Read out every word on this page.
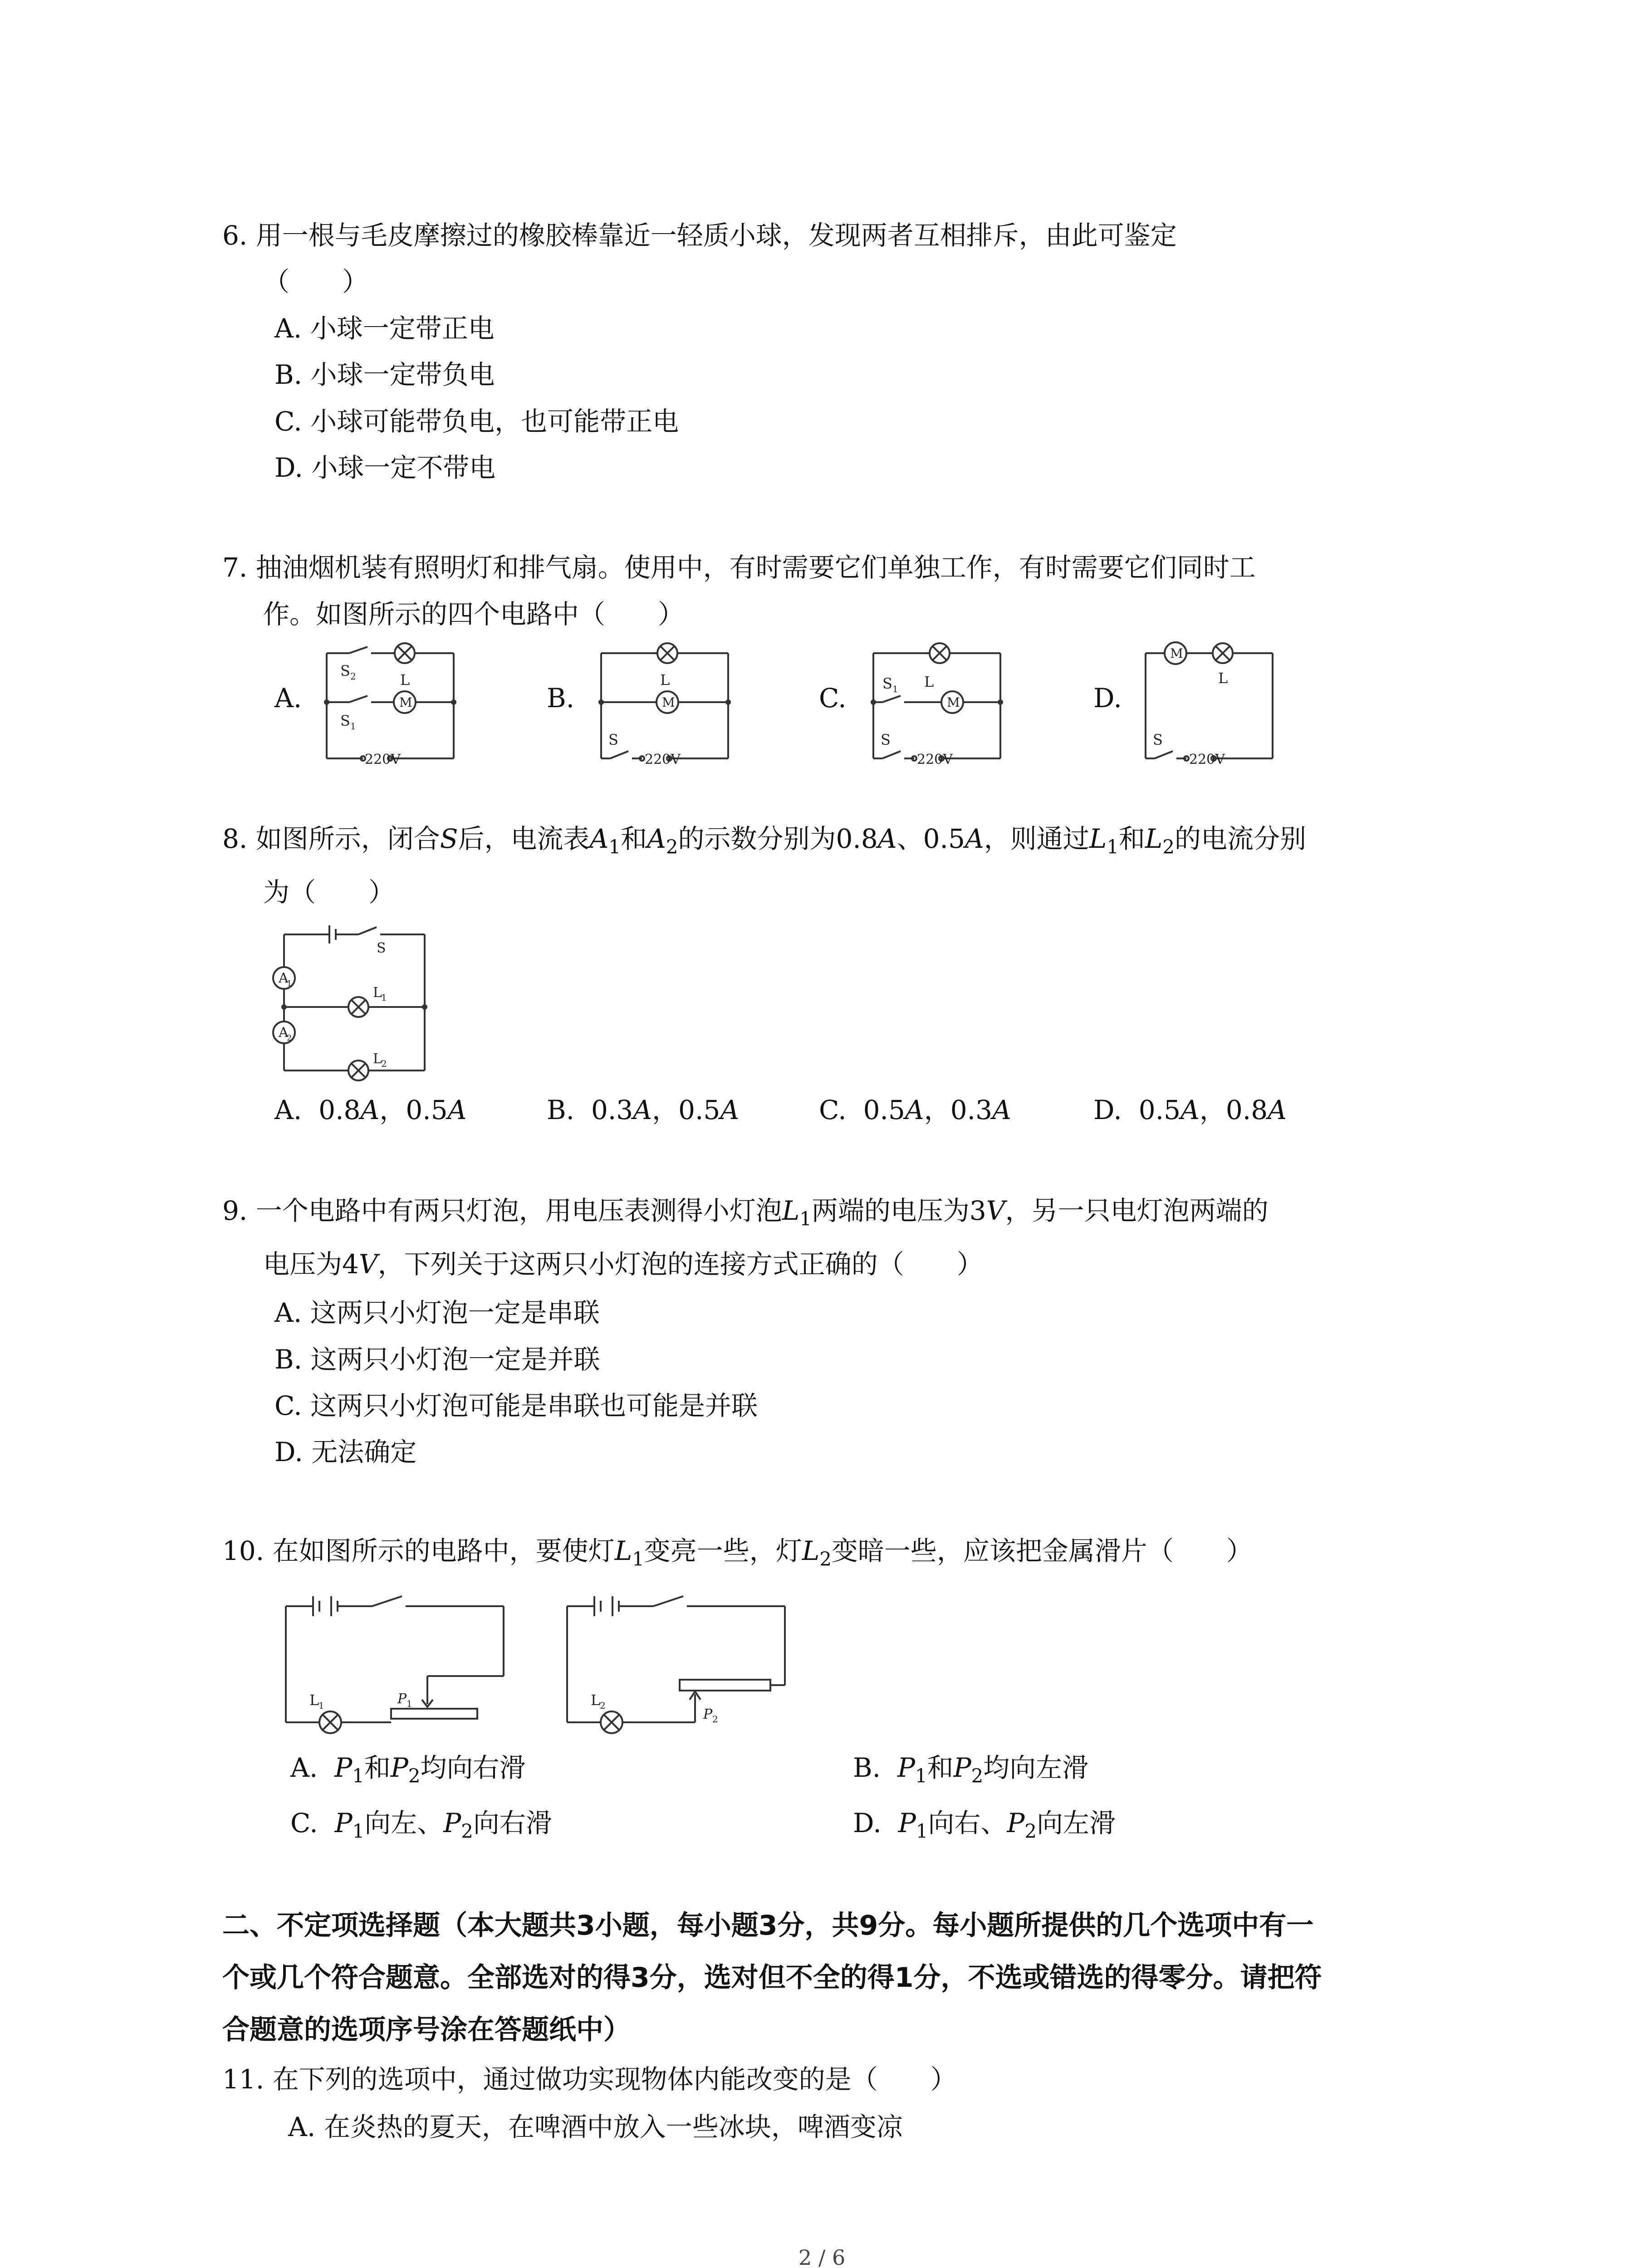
6. 用一根与毛皮摩擦过的橡胶棒靠近一轻质小球，发现两者互相排斥，由此可鉴定
（　　）
A. 小球一定带正电
B. 小球一定带负电
C. 小球可能带负电，也可能带正电
D. 小球一定不带电
7. 抽油烟机装有照明灯和排气扇。使用中，有时需要它们单独工作，有时需要它们同时工
作。如图所示的四个电路中（　　）
A.	B.	C.	D.
S 2
S 1
L
M
220V
L
M
S
220V
S 1 L
M
S
220V
M
L
S
220V
8. 如图所示，闭合S后，电流表$A_1$和$A_2$的示数分别为0.8A、0.5A，则通过$L_1$和$L_2$的电流分别
为（　　）
A
1
A
2
L
1
L
2
S
A. 0.8A，0.5A	B. 0.3A，0.5A	C. 0.5A，0.3A	D. 0.5A，0.8A
9. 一个电路中有两只灯泡，用电压表测得小灯泡$L_1$两端的电压为3V，另一只电灯泡两端的
电压为4V，下列关于这两只小灯泡的连接方式正确的（　　）
A. 这两只小灯泡一定是串联
B. 这两只小灯泡一定是并联
C. 这两只小灯泡可能是串联也可能是并联
D. 无法确定
10. 在如图所示的电路中，要使灯$L_1$变亮一些，灯$L_2$变暗一些，应该把金属滑片（　　）
L
1	P 1	L
2
P 2
A. $P_1$和$P_2$均向右滑	B. $P_1$和$P_2$均向左滑
C. $P_1$向左、$P_2$向右滑	D. $P_1$向右、$P_2$向左滑
二、不定项选择题（本大题共3小题，每小题3分，共9分。每小题所提供的几个选项中有一
个或几个符合题意。全部选对的得3分，选对但不全的得1分，不选或错选的得零分。请把符
合题意的选项序号涂在答题纸中）
11. 在下列的选项中，通过做功实现物体内能改变的是（　　）
A. 在炎热的夏天，在啤酒中放入一些冰块，啤酒变凉
2 / 6
